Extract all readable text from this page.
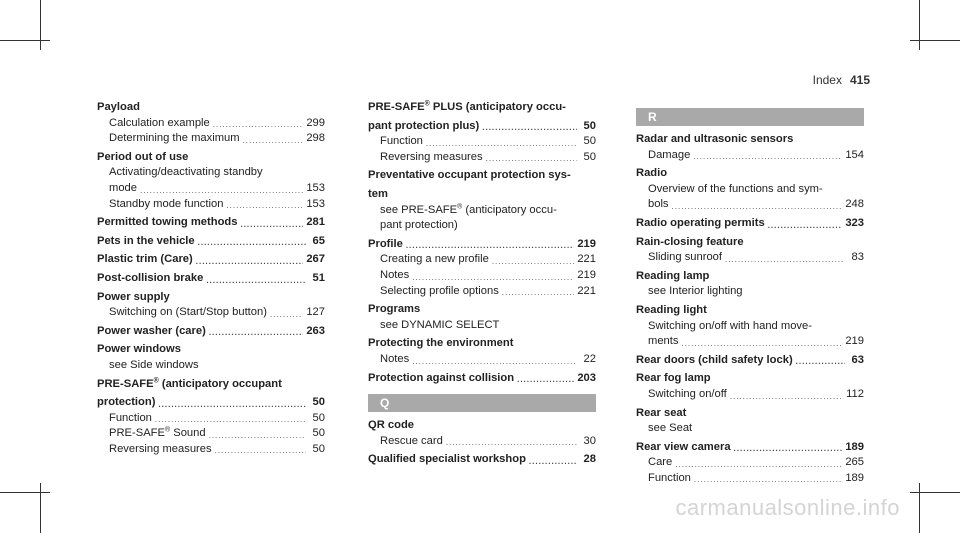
Index 415
Payload
Calculation example .....	299
Determining the maximum .....	298
Period out of use
Activating/deactivating standby
mode .....	153
Standby mode function .....	153
Permitted towing methods .....	281
Pets in the vehicle .....	65
Plastic trim (Care) .....	267
Post-collision brake .....	51
Power supply
Switching on (Start/Stop button) .....	127
Power washer (care) .....	263
Power windows
see Side windows
PRE-SAFE® (anticipatory occupant
protection) .....	50
Function .....	50
PRE-SAFE® Sound .....	50
Reversing measures .....	50
PRE-SAFE® PLUS (anticipatory occu-
pant protection plus) .....	50
Function .....	50
Reversing measures .....	50
Preventative occupant protection sys-
tem
see PRE-SAFE® (anticipatory occu-
pant protection)
Profile .....	219
Creating a new profile .....	221
Notes .....	219
Selecting profile options .....	221
Programs
see DYNAMIC SELECT
Protecting the environment
Notes .....	22
Protection against collision .....	203
Q
QR code
Rescue card .....	30
Qualified specialist workshop .....	28
R
Radar and ultrasonic sensors
Damage .....	154
Radio
Overview of the functions and sym-
bols .....	248
Radio operating permits .....	323
Rain-closing feature
Sliding sunroof .....	83
Reading lamp
see Interior lighting
Reading light
Switching on/off with hand move-
ments .....	219
Rear doors (child safety lock) .....	63
Rear fog lamp
Switching on/off .....	112
Rear seat
see Seat
Rear view camera .....	189
Care .....	265
Function .....	189
carmanualsonline.info
